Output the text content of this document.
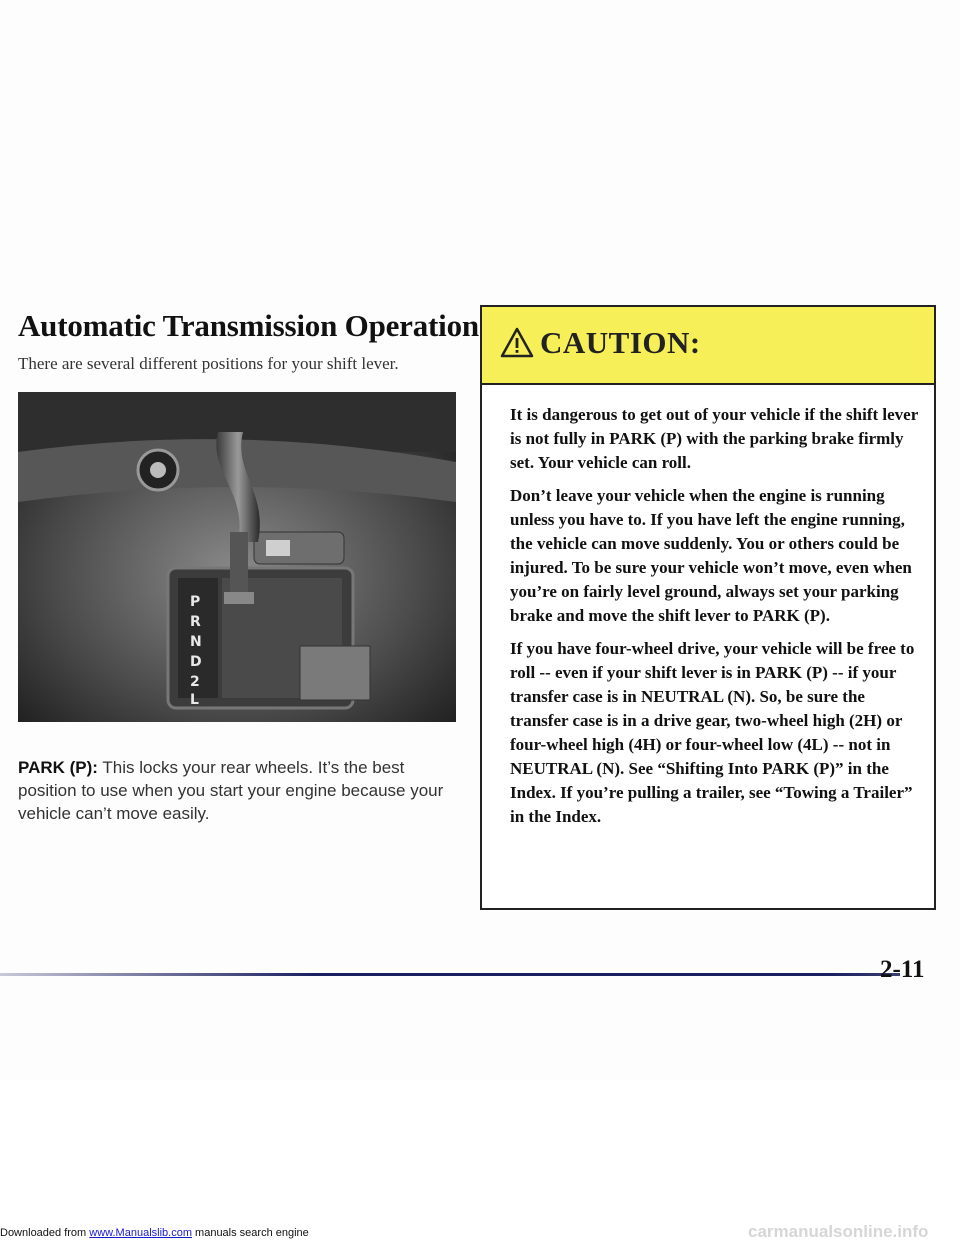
Automatic Transmission Operation

There are several different positions for your shift lever.

P
R
N
D
2
L

PARK (P): This locks your rear wheels. It’s the best position to use when you start your engine because your vehicle can’t move easily.

CAUTION:

It is dangerous to get out of your vehicle if the shift lever is not fully in PARK (P) with the parking brake firmly set. Your vehicle can roll.

Don’t leave your vehicle when the engine is running unless you have to. If you have left the engine running, the vehicle can move suddenly. You or others could be injured. To be sure your vehicle won’t move, even when you’re on fairly level ground, always set your parking brake and move the shift lever to PARK (P).

If you have four-wheel drive, your vehicle will be free to roll -- even if your shift lever is in PARK (P) -- if your transfer case is in NEUTRAL (N). So, be sure the transfer case is in a drive gear, two-wheel high (2H) or four-wheel high (4H) or four-wheel low (4L) -- not in NEUTRAL (N). See “Shifting Into PARK (P)” in the Index. If you’re pulling a trailer, see “Towing a Trailer” in the Index.

2-11
Downloaded from www.Manualslib.com manuals search engine	carmanualsonline.info
